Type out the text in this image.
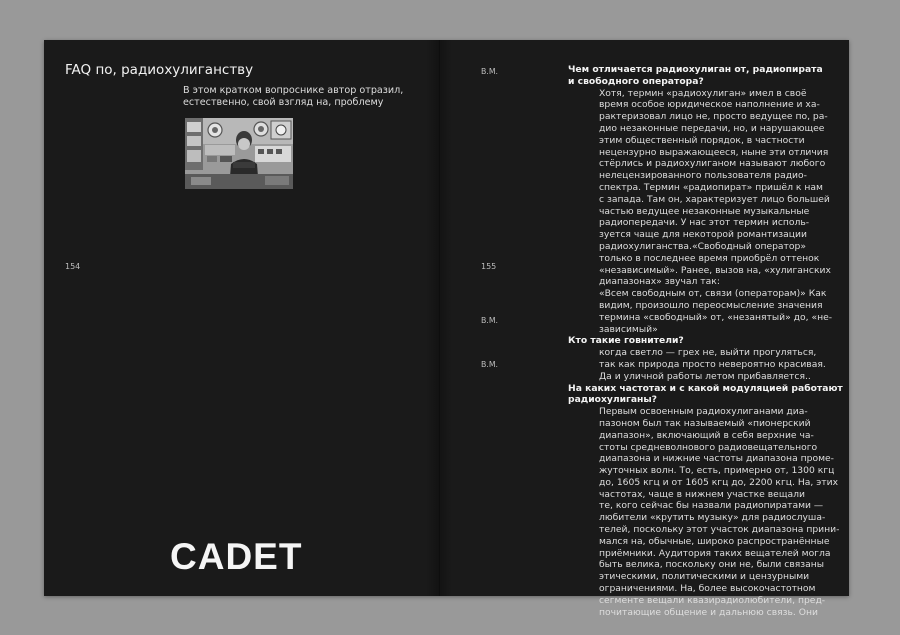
FAQ по, радиохулиганству
В этом кратком вопроснике автор отразил,
естественно, свой взгляд на, проблему
154
CADET
155
В.М.
В.М.
В.М.
Чем отличается радиохулиган от, радиопирата
и свободного оператора?
Хотя, термин «радиохулиган» имел в своё
время особое юридическое наполнение и ха-
рактеризовал лицо не, просто ведущее по, ра-
дио незаконные передачи, но, и нарушающее
этим общественный порядок, в частности
нецензурно выражающееся, ныне эти отличия
стёрлись и радиохулиганом называют любого
нелецензированного пользователя радио-
спектра. Термин «радиопират» пришёл к нам
с запада. Там он, характеризует лицо большей
частью ведущее незаконные музыкальные
радиопередачи. У нас этот термин исполь-
зуется чаще для некоторой романтизации
радиохулиганства.«Свободный оператор»
только в последнее время приобрёл оттенок
«независимый». Ранее, вызов на, «хулиганских
диапазонах» звучал так:
«Всем свободным от, связи (операторам)» Как
видим, произошло переосмысление значения
термина «свободный» от, «незанятый» до, «не-
зависимый»
Кто такие говнители?
когда светло — грех не, выйти прогуляться,
так как природа просто невероятно красивая.
Да и уличной работы летом прибавляется..
На каких частотах и с какой модуляцией работают
радиохулиганы?
Первым освоенным радиохулиганами диа-
пазоном был так называемый «пионерский
диапазон», включающий в себя верхние ча-
стоты средневолнового радиовещательного
диапазона и нижние частоты диапазона проме-
жуточных волн. То, есть, примерно от, 1300 кгц
до, 1605 кгц и от 1605 кгц до, 2200 кгц. На, этих
частотах, чаще в нижнем участке вещали
те, кого сейчас бы назвали радиопиратами —
любители «крутить музыку» для радиослуша-
телей, поскольку этот участок диапазона прини-
мался на, обычные, широко распространённые
приёмники. Аудитория таких вещателей могла
быть велика, поскольку они не, были связаны
этическими, политическими и цензурными
ограничениями. На, более высокочастотном
сегменте вещали квазирадиолюбители, пред-
почитающие общение и дальнюю связь. Они
